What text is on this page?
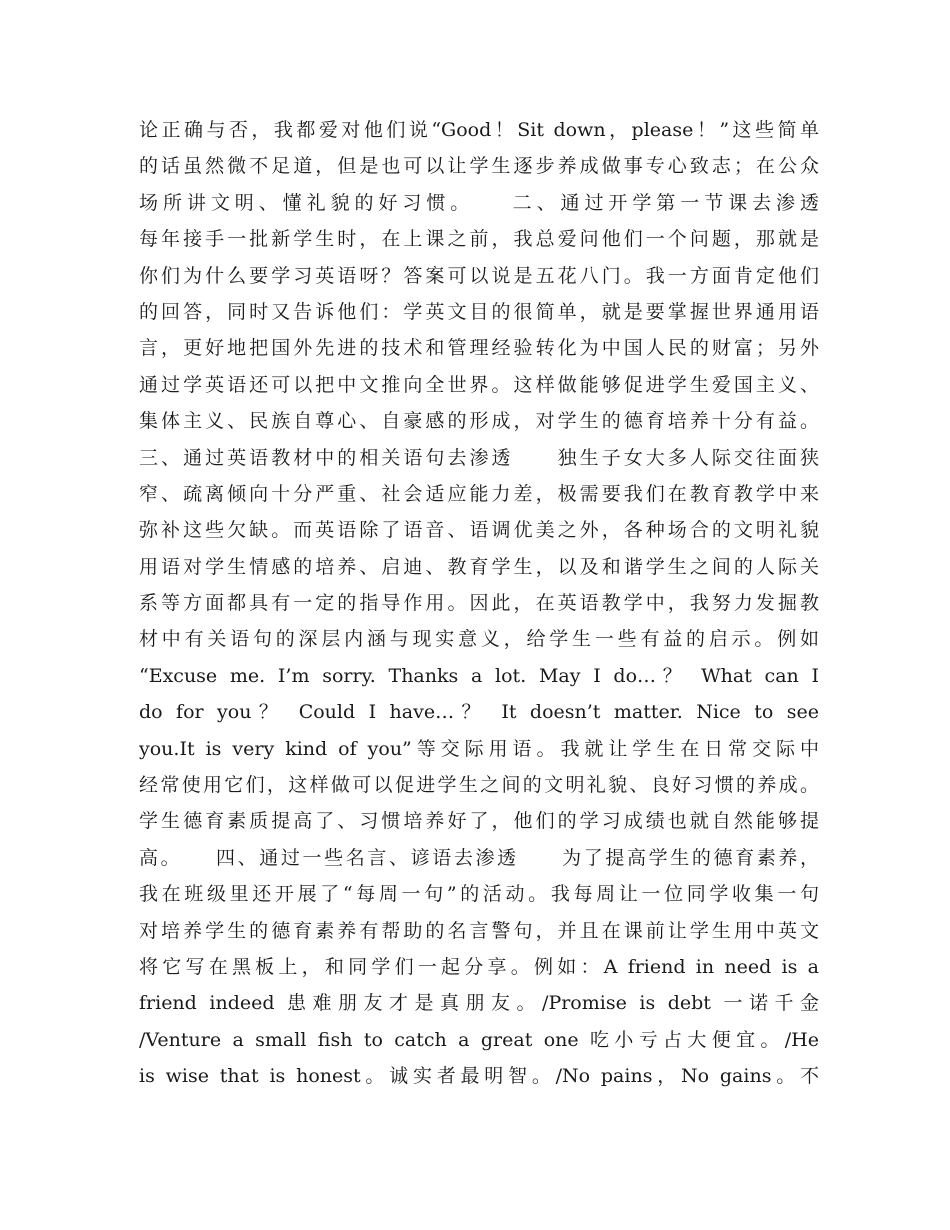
论正确与否，我都爱对他们说“Good！Sit down，please！”这些简单
的话虽然微不足道，但是也可以让学生逐步养成做事专心致志；在公众
场所讲文明、懂礼貌的好习惯。　　二、通过开学第一节课去渗透
每年接手一批新学生时，在上课之前，我总爱问他们一个问题，那就是
你们为什么要学习英语呀？答案可以说是五花八门。我一方面肯定他们
的回答，同时又告诉他们：学英文目的很简单，就是要掌握世界通用语
言，更好地把国外先进的技术和管理经验转化为中国人民的财富；另外
通过学英语还可以把中文推向全世界。这样做能够促进学生爱国主义、
集体主义、民族自尊心、自豪感的形成，对学生的德育培养十分有益。
三、通过英语教材中的相关语句去渗透　　独生子女大多人际交往面狭
窄、疏离倾向十分严重、社会适应能力差，极需要我们在教育教学中来
弥补这些欠缺。而英语除了语音、语调优美之外，各种场合的文明礼貌
用语对学生情感的培养、启迪、教育学生，以及和谐学生之间的人际关
系等方面都具有一定的指导作用。因此，在英语教学中，我努力发掘教
材中有关语句的深层内涵与现实意义，给学生一些有益的启示。例如
“Excuse me. I’m sorry. Thanks a lot. May I do…？ What can I
do for you？ Could I have…？ It doesn’t matter. Nice to see
you.It is very kind of you”等交际用语。我就让学生在日常交际中
经常使用它们，这样做可以促进学生之间的文明礼貌、良好习惯的养成。
学生德育素质提高了、习惯培养好了，他们的学习成绩也就自然能够提
高。　　四、通过一些名言、谚语去渗透　　为了提高学生的德育素养，
我在班级里还开展了“每周一句”的活动。我每周让一位同学收集一句
对培养学生的德育素养有帮助的名言警句，并且在课前让学生用中英文
将它写在黑板上，和同学们一起分享。例如：A friend in need is a
friend indeed 患难朋友才是真朋友。/Promise is debt 一诺千金
/Venture a small fish to catch a great one 吃小亏占大便宜。/He
is wise that is honest。诚实者最明智。/No pains，No gains。不
